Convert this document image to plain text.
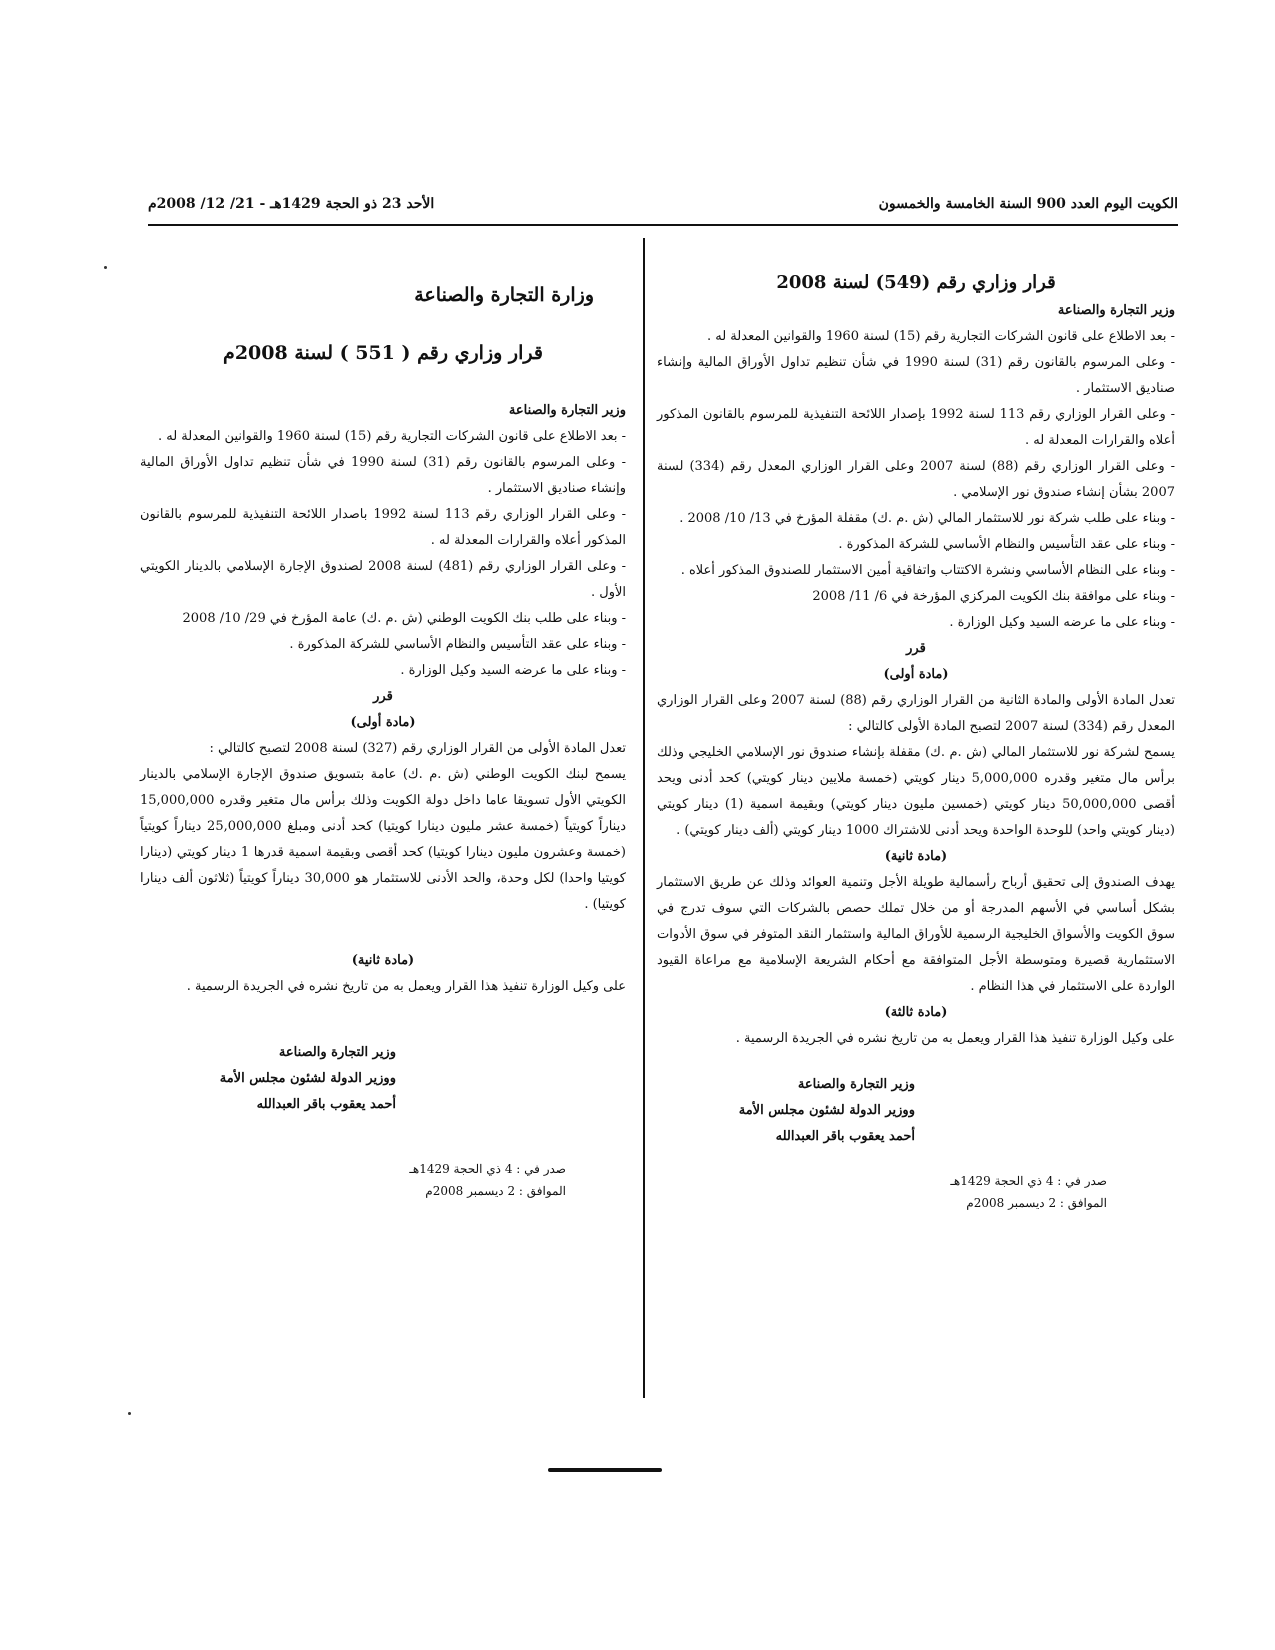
الكويت اليوم العدد 900 السنة الخامسة والخمسون
الأحد 23 ذو الحجة 1429هـ - 21/ 12/ 2008م

قرار وزاري رقم (549) لسنة 2008

وزير التجارة والصناعة

- بعد الاطلاع على قانون الشركات التجارية رقم (15) لسنة 1960 والقوانين المعدلة له .

- وعلى المرسوم بالقانون رقم (31) لسنة 1990 في شأن تنظيم تداول الأوراق المالية وإنشاء صناديق الاستثمار .

- وعلى القرار الوزاري رقم 113 لسنة 1992 بإصدار اللائحة التنفيذية للمرسوم بالقانون المذكور أعلاه والقرارات المعدلة له .

- وعلى القرار الوزاري رقم (88) لسنة 2007 وعلى القرار الوزاري المعدل رقم (334) لسنة 2007 بشأن إنشاء صندوق نور الإسلامي .

- وبناء على طلب شركة نور للاستثمار المالي (ش .م .ك) مقفلة المؤرخ في 13/ 10/ 2008 .

- وبناء على عقد التأسيس والنظام الأساسي للشركة المذكورة .

- وبناء على النظام الأساسي ونشرة الاكتتاب واتفاقية أمين الاستثمار للصندوق المذكور أعلاه .

- وبناء على موافقة بنك الكويت المركزي المؤرخة في 6/ 11/ 2008

- وبناء على ما عرضه السيد وكيل الوزارة .

قرر

(مادة أولى)

تعدل المادة الأولى والمادة الثانية من القرار الوزاري رقم (88) لسنة 2007 وعلى القرار الوزاري المعدل رقم (334) لسنة 2007 لتصبح المادة الأولى كالتالي :

يسمح لشركة نور للاستثمار المالي (ش .م .ك) مقفلة بإنشاء صندوق نور الإسلامي الخليجي وذلك برأس مال متغير وقدره 5,000,000 دينار كويتي (خمسة ملايين دينار كويتي) كحد أدنى ويحد أقصى 50,000,000 دينار كويتي (خمسين مليون دينار كويتي) وبقيمة اسمية (1) دينار كويتي (دينار كويتي واحد) للوحدة الواحدة ويحد أدنى للاشتراك 1000 دينار كويتي (ألف دينار كويتي) .

(مادة ثانية)

يهدف الصندوق إلى تحقيق أرباح رأسمالية طويلة الأجل وتنمية العوائد وذلك عن طريق الاستثمار بشكل أساسي في الأسهم المدرجة أو من خلال تملك حصص بالشركات التي سوف تدرج في سوق الكويت والأسواق الخليجية الرسمية للأوراق المالية واستثمار النقد المتوفر في سوق الأدوات الاستثمارية قصيرة ومتوسطة الأجل المتوافقة مع أحكام الشريعة الإسلامية مع مراعاة القيود الواردة على الاستثمار في هذا النظام .

(مادة ثالثة)

على وكيل الوزارة تنفيذ هذا القرار ويعمل به من تاريخ نشره في الجريدة الرسمية .

وزير التجارة والصناعة
ووزير الدولة لشئون مجلس الأمة
أحمد يعقوب باقر العبدالله
صدر في : 4 ذي الحجة 1429هـ
الموافق : 2 ديسمبر 2008م

وزارة التجارة والصناعة

قرار وزاري رقم ( 551 ) لسنة 2008م

وزير التجارة والصناعة

- بعد الاطلاع على قانون الشركات التجارية رقم (15) لسنة 1960 والقوانين المعدلة له .

- وعلى المرسوم بالقانون رقم (31) لسنة 1990 في شأن تنظيم تداول الأوراق المالية وإنشاء صناديق الاستثمار .

- وعلى القرار الوزاري رقم 113 لسنة 1992 باصدار اللائحة التنفيذية للمرسوم بالقانون المذكور أعلاه والقرارات المعدلة له .

- وعلى القرار الوزاري رقم (481) لسنة 2008 لصندوق الإجارة الإسلامي بالدينار الكويتي الأول .

- وبناء على طلب بنك الكويت الوطني (ش .م .ك) عامة المؤرخ في 29/ 10/ 2008

- وبناء على عقد التأسيس والنظام الأساسي للشركة المذكورة .

- وبناء على ما عرضه السيد وكيل الوزارة .

قرر

(مادة أولى)

تعدل المادة الأولى من القرار الوزاري رقم (327) لسنة 2008 لتصبح كالتالي :

يسمح لبنك الكويت الوطني (ش .م .ك) عامة بتسويق صندوق الإجارة الإسلامي بالدينار الكويتي الأول تسويقا عاما داخل دولة الكويت وذلك برأس مال متغير وقدره 15,000,000 ديناراً كويتياً (خمسة عشر مليون دينارا كويتيا) كحد أدنى ومبلغ 25,000,000 ديناراً كويتياً (خمسة وعشرون مليون دينارا كويتيا) كحد أقصى وبقيمة اسمية قدرها 1 دينار كويتي (دينارا كويتيا واحدا) لكل وحدة، والحد الأدنى للاستثمار هو 30,000 ديناراً كويتياً (ثلاثون ألف دينارا كويتيا) .

(مادة ثانية)

على وكيل الوزارة تنفيذ هذا القرار ويعمل به من تاريخ نشره في الجريدة الرسمية .

وزير التجارة والصناعة
ووزير الدولة لشئون مجلس الأمة
أحمد يعقوب باقر العبدالله
صدر في : 4 ذي الحجة 1429هـ
الموافق : 2 ديسمبر 2008م
